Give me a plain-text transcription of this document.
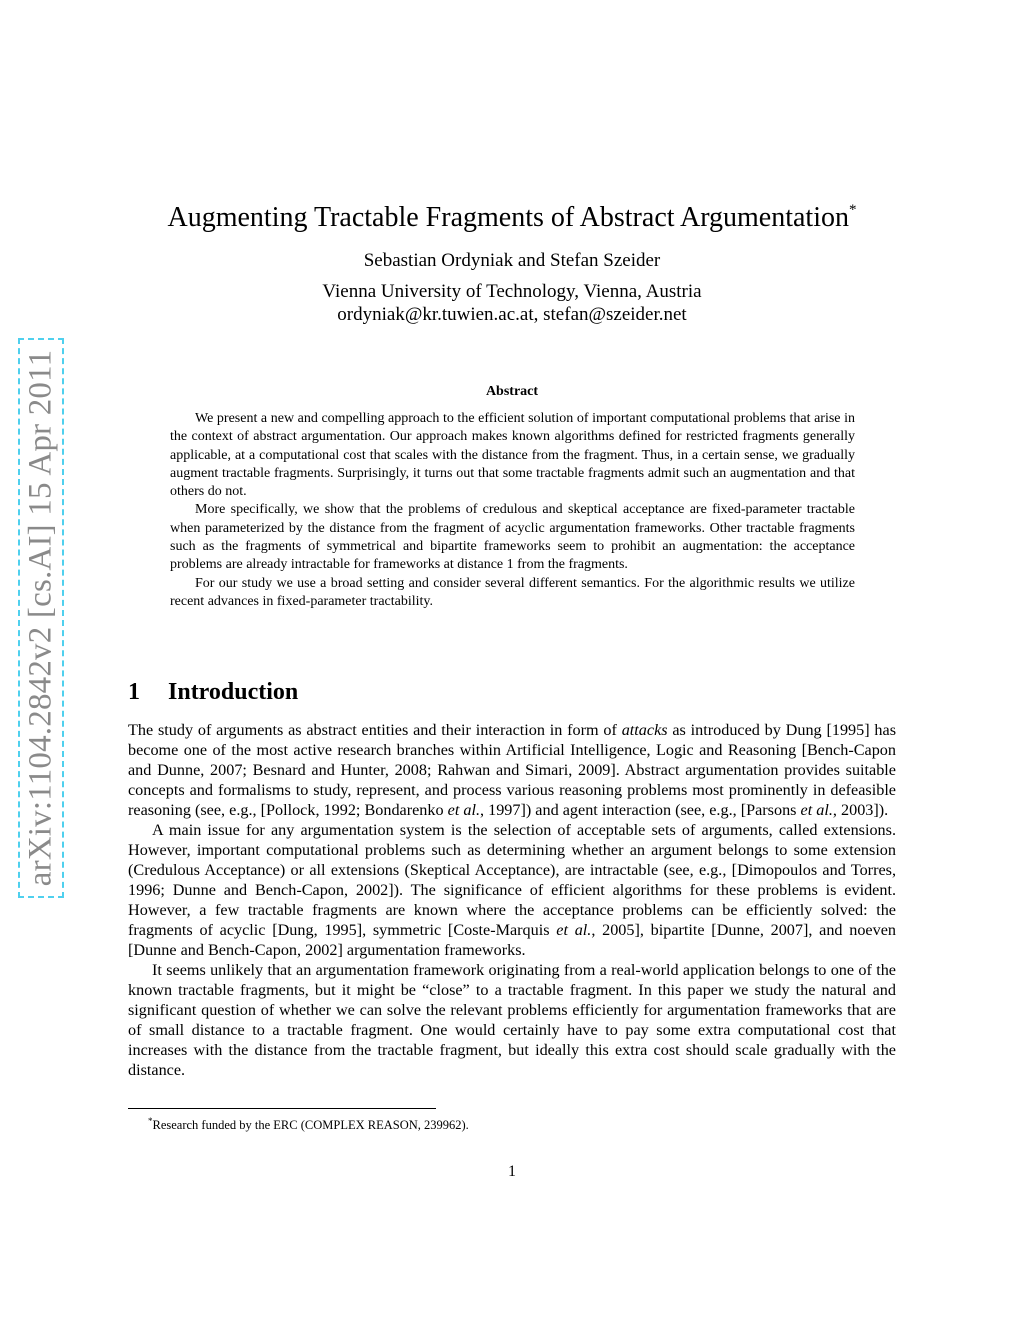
arXiv:1104.2842v2 [cs.AI] 15 Apr 2011
Augmenting Tractable Fragments of Abstract Argumentation*
Sebastian Ordyniak and Stefan Szeider
Vienna University of Technology, Vienna, Austria
ordyniak@kr.tuwien.ac.at, stefan@szeider.net
Abstract

We present a new and compelling approach to the efficient solution of important computational problems that arise in the context of abstract argumentation. Our approach makes known algorithms defined for restricted fragments generally applicable, at a computational cost that scales with the distance from the fragment. Thus, in a certain sense, we gradually augment tractable fragments. Surprisingly, it turns out that some tractable fragments admit such an augmentation and that others do not.

More specifically, we show that the problems of credulous and skeptical acceptance are fixed-parameter tractable when parameterized by the distance from the fragment of acyclic argumentation frameworks. Other tractable fragments such as the fragments of symmetrical and bipartite frameworks seem to prohibit an augmentation: the acceptance problems are already intractable for frameworks at distance 1 from the fragments.

For our study we use a broad setting and consider several different semantics. For the algorithmic results we utilize recent advances in fixed-parameter tractability.

1 Introduction

The study of arguments as abstract entities and their interaction in form of attacks as introduced by Dung [1995] has become one of the most active research branches within Artificial Intelligence, Logic and Reasoning [Bench-Capon and Dunne, 2007; Besnard and Hunter, 2008; Rahwan and Simari, 2009]. Abstract argumentation provides suitable concepts and formalisms to study, represent, and process various reasoning problems most prominently in defeasible reasoning (see, e.g., [Pollock, 1992; Bondarenko et al., 1997]) and agent interaction (see, e.g., [Parsons et al., 2003]).

A main issue for any argumentation system is the selection of acceptable sets of arguments, called extensions. However, important computational problems such as determining whether an argument belongs to some extension (Credulous Acceptance) or all extensions (Skeptical Acceptance), are intractable (see, e.g., [Dimopoulos and Torres, 1996; Dunne and Bench-Capon, 2002]). The significance of efficient algorithms for these problems is evident. However, a few tractable fragments are known where the acceptance problems can be efficiently solved: the fragments of acyclic [Dung, 1995], symmetric [Coste-Marquis et al., 2005], bipartite [Dunne, 2007], and noeven [Dunne and Bench-Capon, 2002] argumentation frameworks.

It seems unlikely that an argumentation framework originating from a real-world application belongs to one of the known tractable fragments, but it might be “close” to a tractable fragment. In this paper we study the natural and significant question of whether we can solve the relevant problems efficiently for argumentation frameworks that are of small distance to a tractable fragment. One would certainly have to pay some extra computational cost that increases with the distance from the tractable fragment, but ideally this extra cost should scale gradually with the distance.

*Research funded by the ERC (COMPLEX REASON, 239962).
1
